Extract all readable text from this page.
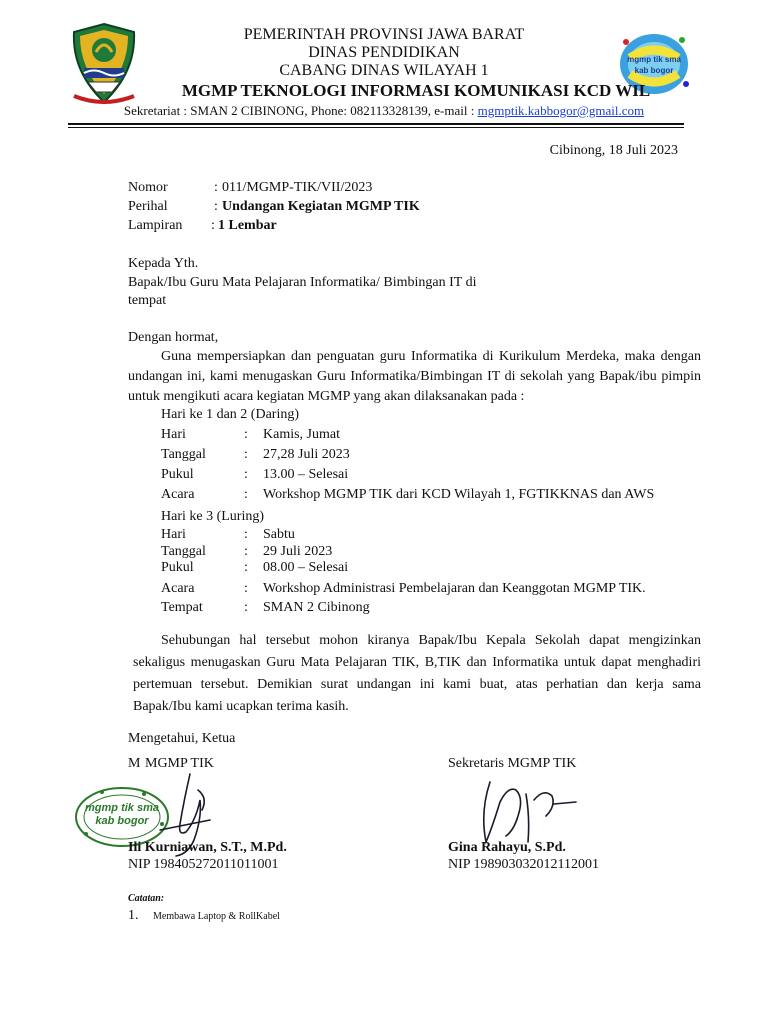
mgmp tik sma kab bogor
PEMERINTAH PROVINSI JAWA BARAT
DINAS PENDIDIKAN
CABANG DINAS WILAYAH 1
MGMP TEKNOLOGI INFORMASI KOMUNIKASI KCD WIL
Sekretariat : SMAN 2 CIBINONG, Phone: 082113328139, e-mail : mgmptik.kabbogor@gmail.com
Cibinong, 18 Juli 2023
Nomor	: 011/MGMP-TIK/VII/2023
Perihal	: Undangan Kegiatan MGMP TIK
Lampiran : 1 Lembar
Kepada Yth.
Bapak/Ibu Guru Mata Pelajaran Informatika/ Bimbingan IT di
tempat
Dengan hormat,
Guna mempersiapkan dan penguatan guru Informatika di Kurikulum Merdeka, maka dengan undangan ini, kami menugaskan Guru Informatika/Bimbingan IT di sekolah yang Bapak/ibu pimpin untuk mengikuti acara kegiatan MGMP yang akan dilaksanakan pada :
Hari ke 1 dan 2 (Daring)
Hari	: Kamis, Jumat
Tanggal	: 27,28 Juli 2023
Pukul	: 13.00 – Selesai
Acara	: Workshop MGMP TIK dari KCD Wilayah 1, FGTIKKNAS dan AWS
Hari ke 3 (Luring)
Hari	: Sabtu
Tanggal	: 29 Juli 2023
Pukul	: 08.00 – Selesai
Acara	: Workshop Administrasi Pembelajaran dan Keanggotan MGMP TIK.
Tempat	: SMAN 2 Cibinong
Sehubungan hal tersebut mohon kiranya Bapak/Ibu Kepala Sekolah dapat mengizinkan sekaligus menugaskan Guru Mata Pelajaran TIK, B,TIK dan Informatika untuk dapat menghadiri pertemuan tersebut. Demikian surat undangan ini kami buat, atas perhatian dan kerja sama Bapak/Ibu kami ucapkan terima kasih.
Mengetahui, Ketua
M MGMP TIK
mgmp tik sma kab bogor
Ili Kurniawan, S.T., M.Pd.
NIP 198405272011011001
Sekretaris MGMP TIK
Gina Rahayu, S.Pd.
NIP 198903032012112001
Catatan:
1. Membawa Laptop & RollKabel
